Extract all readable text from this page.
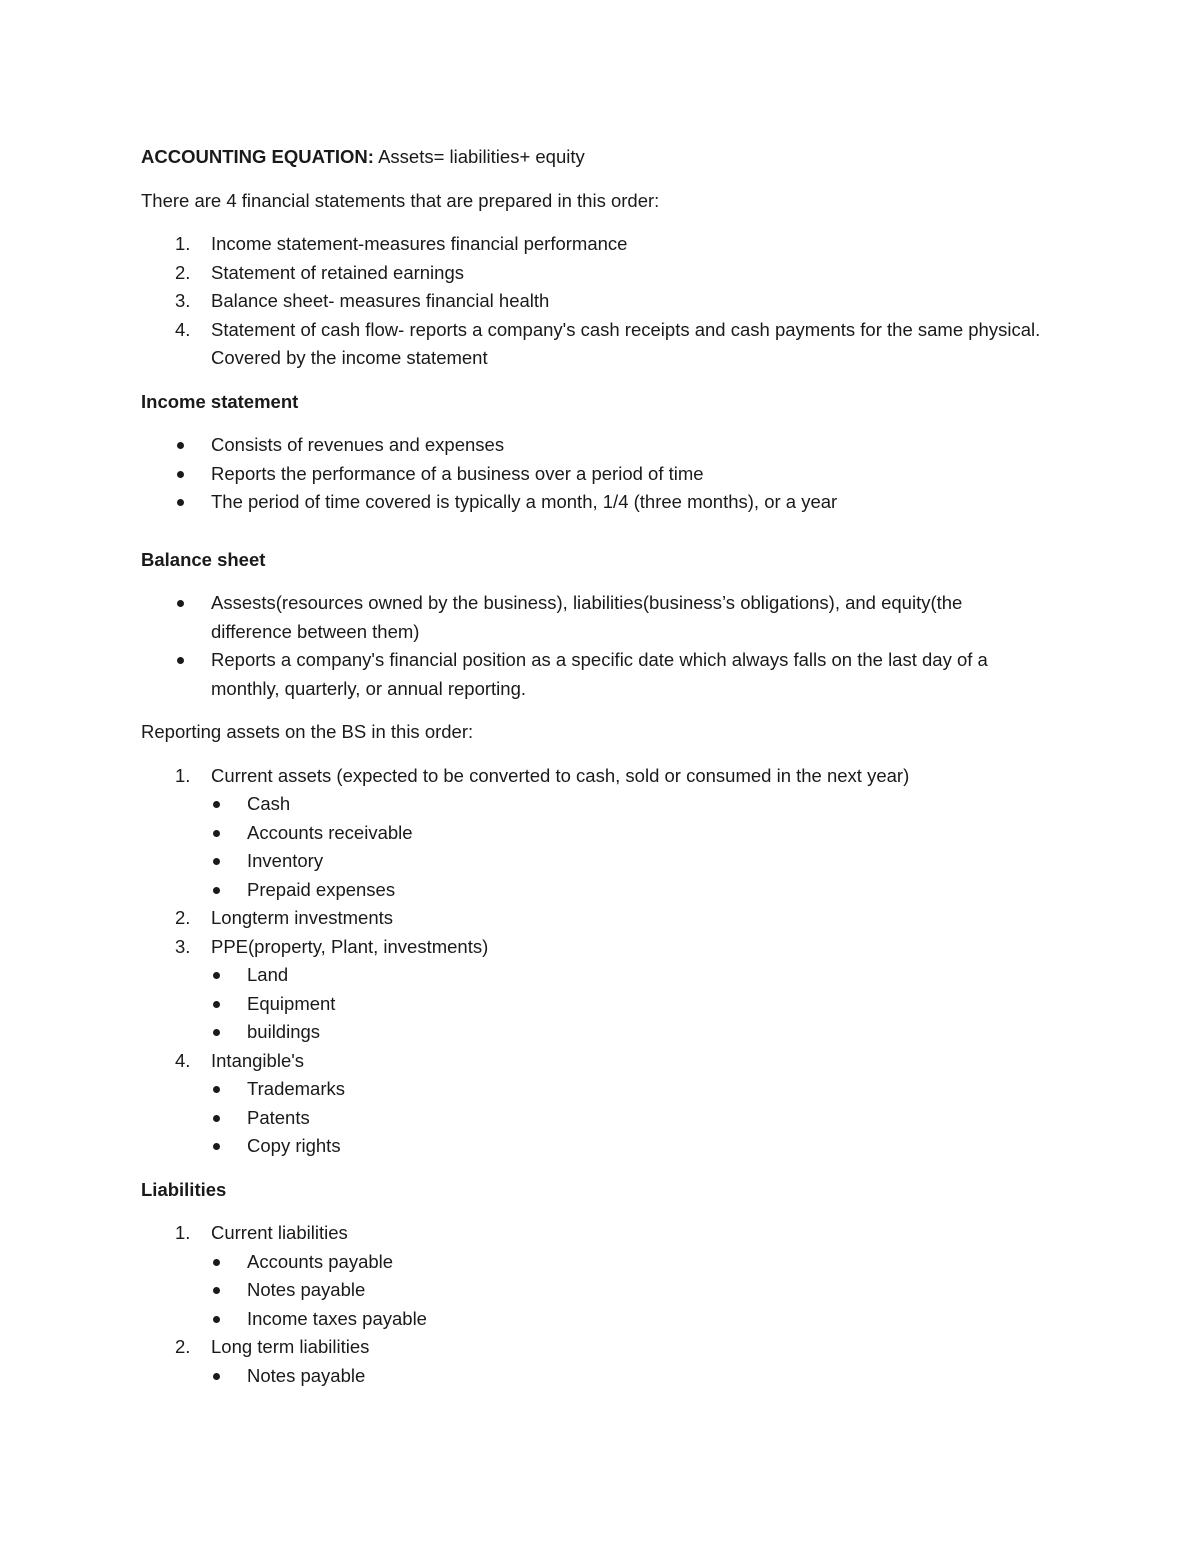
ACCOUNTING EQUATION: Assets= liabilities+ equity

There are 4 financial statements that are prepared in this order:

1. Income statement-measures financial performance
2. Statement of retained earnings
3. Balance sheet- measures financial health
4. Statement of cash flow- reports a company's cash receipts and cash payments for the same physical. Covered by the income statement

Income statement

Consists of revenues and expenses
Reports the performance of a business over a period of time
The period of time covered is typically a month, 1/4 (three months), or a year

Balance sheet

Assests(resources owned by the business), liabilities(business’s obligations), and equity(the difference between them)
Reports a company's financial position as a specific date which always falls on the last day of a monthly, quarterly, or annual reporting.

Reporting assets on the BS in this order:

1. Current assets (expected to be converted to cash, sold or consumed in the next year)
Cash
Accounts receivable
Inventory
Prepaid expenses
2. Longterm investments
3. PPE(property, Plant, investments)
Land
Equipment
buildings
4. Intangible's
Trademarks
Patents
Copy rights

Liabilities

1. Current liabilities
Accounts payable
Notes payable
Income taxes payable
2. Long term liabilities
Notes payable
